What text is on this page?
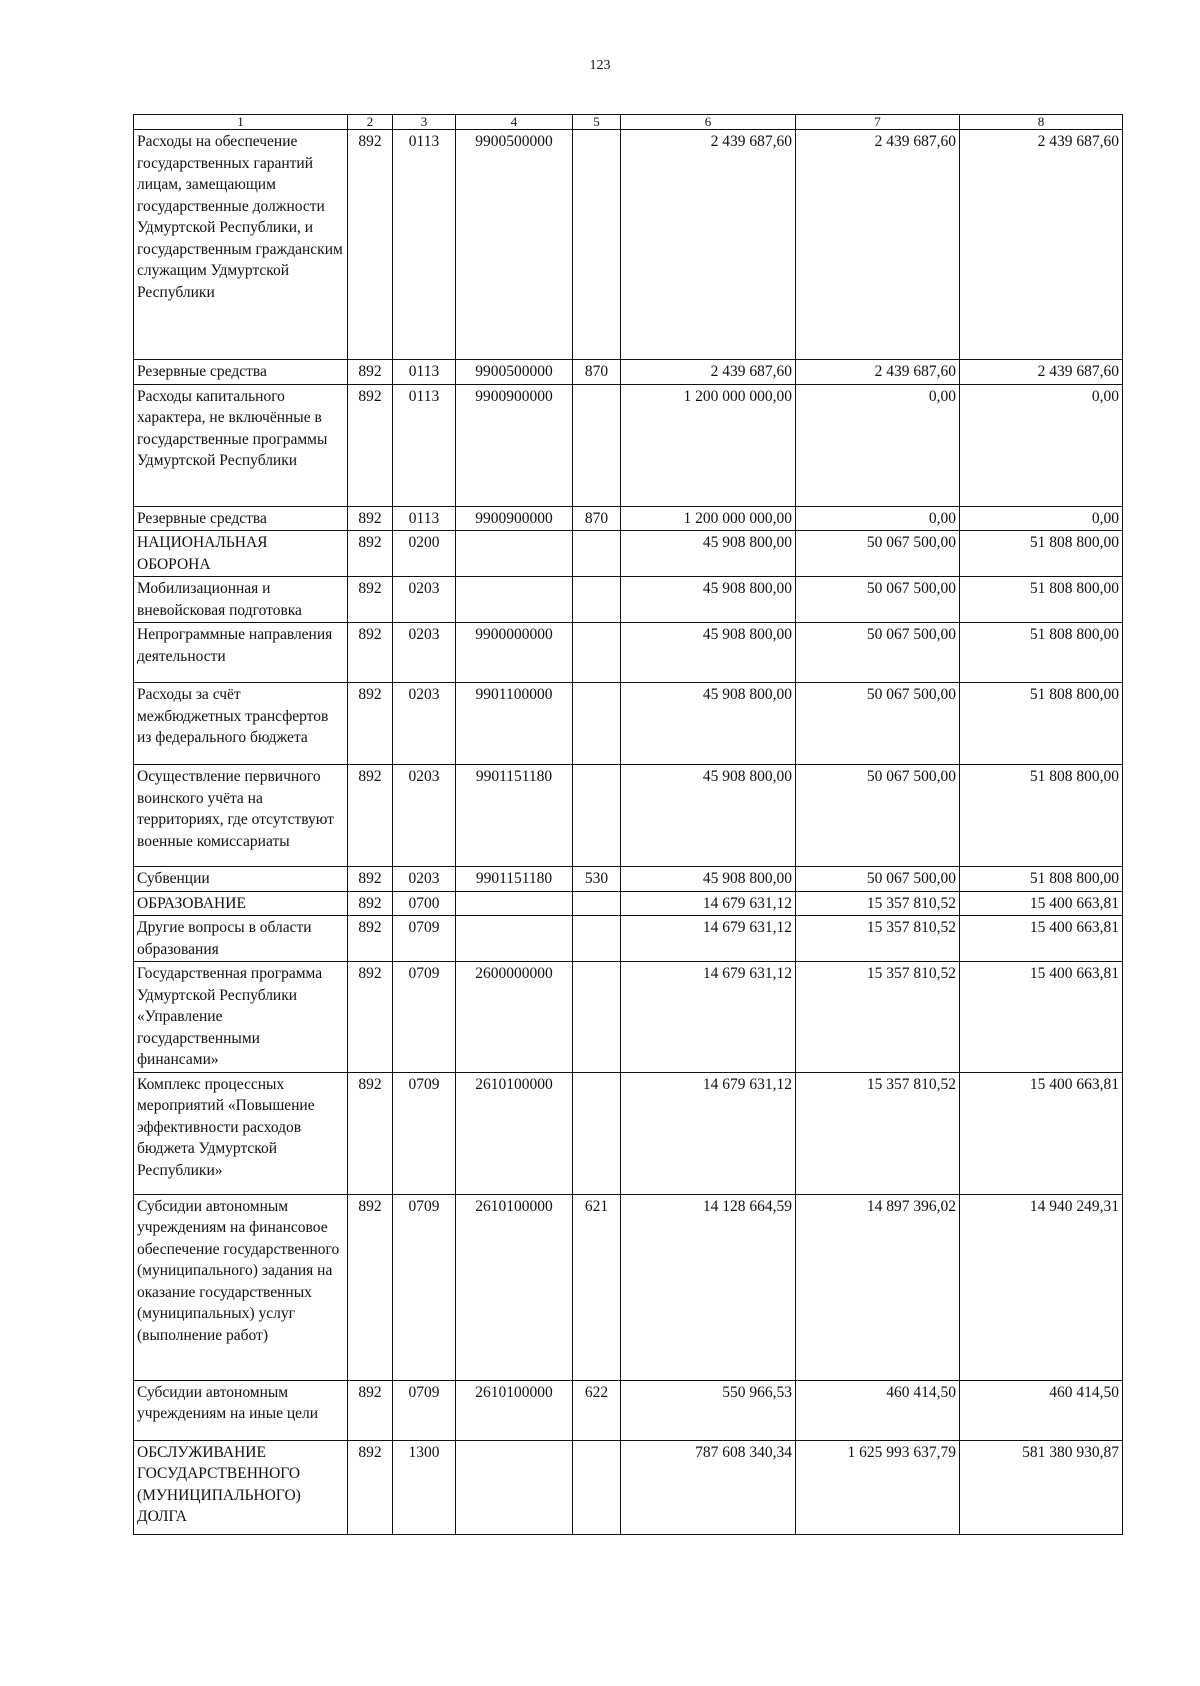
123
1	2	3	4	5	6	7	8
Расходы на обеспечение государственных гарантий лицам, замещающим государственные должности Удмуртской Республики, и государственным гражданским служащим Удмуртской Республики	892	0113	9900500000		2 439 687,60	2 439 687,60	2 439 687,60
Резервные средства	892	0113	9900500000	870	2 439 687,60	2 439 687,60	2 439 687,60
Расходы капитального характера, не включённые в государственные программы Удмуртской Республики	892	0113	9900900000		1 200 000 000,00	0,00	0,00
Резервные средства	892	0113	9900900000	870	1 200 000 000,00	0,00	0,00
НАЦИОНАЛЬНАЯ ОБОРОНА	892	0200			45 908 800,00	50 067 500,00	51 808 800,00
Мобилизационная и вневойсковая подготовка	892	0203			45 908 800,00	50 067 500,00	51 808 800,00
Непрограммные направления деятельности	892	0203	9900000000		45 908 800,00	50 067 500,00	51 808 800,00
Расходы за счёт межбюджетных трансфертов из федерального бюджета	892	0203	9901100000		45 908 800,00	50 067 500,00	51 808 800,00
Осуществление первичного воинского учёта на территориях, где отсутствуют военные комиссариаты	892	0203	9901151180		45 908 800,00	50 067 500,00	51 808 800,00
Субвенции	892	0203	9901151180	530	45 908 800,00	50 067 500,00	51 808 800,00
ОБРАЗОВАНИЕ	892	0700			14 679 631,12	15 357 810,52	15 400 663,81
Другие вопросы в области образования	892	0709			14 679 631,12	15 357 810,52	15 400 663,81
Государственная программа Удмуртской Республики «Управление государственными финансами»	892	0709	2600000000		14 679 631,12	15 357 810,52	15 400 663,81
Комплекс процессных мероприятий «Повышение эффективности расходов бюджета Удмуртской Республики»	892	0709	2610100000		14 679 631,12	15 357 810,52	15 400 663,81
Субсидии автономным учреждениям на финансовое обеспечение государственного (муниципального) задания на оказание государственных (муниципальных) услуг (выполнение работ)	892	0709	2610100000	621	14 128 664,59	14 897 396,02	14 940 249,31
Субсидии автономным учреждениям на иные цели	892	0709	2610100000	622	550 966,53	460 414,50	460 414,50
ОБСЛУЖИВАНИЕ ГОСУДАРСТВЕННОГО (МУНИЦИПАЛЬНОГО) ДОЛГА	892	1300			787 608 340,34	1 625 993 637,79	581 380 930,87
